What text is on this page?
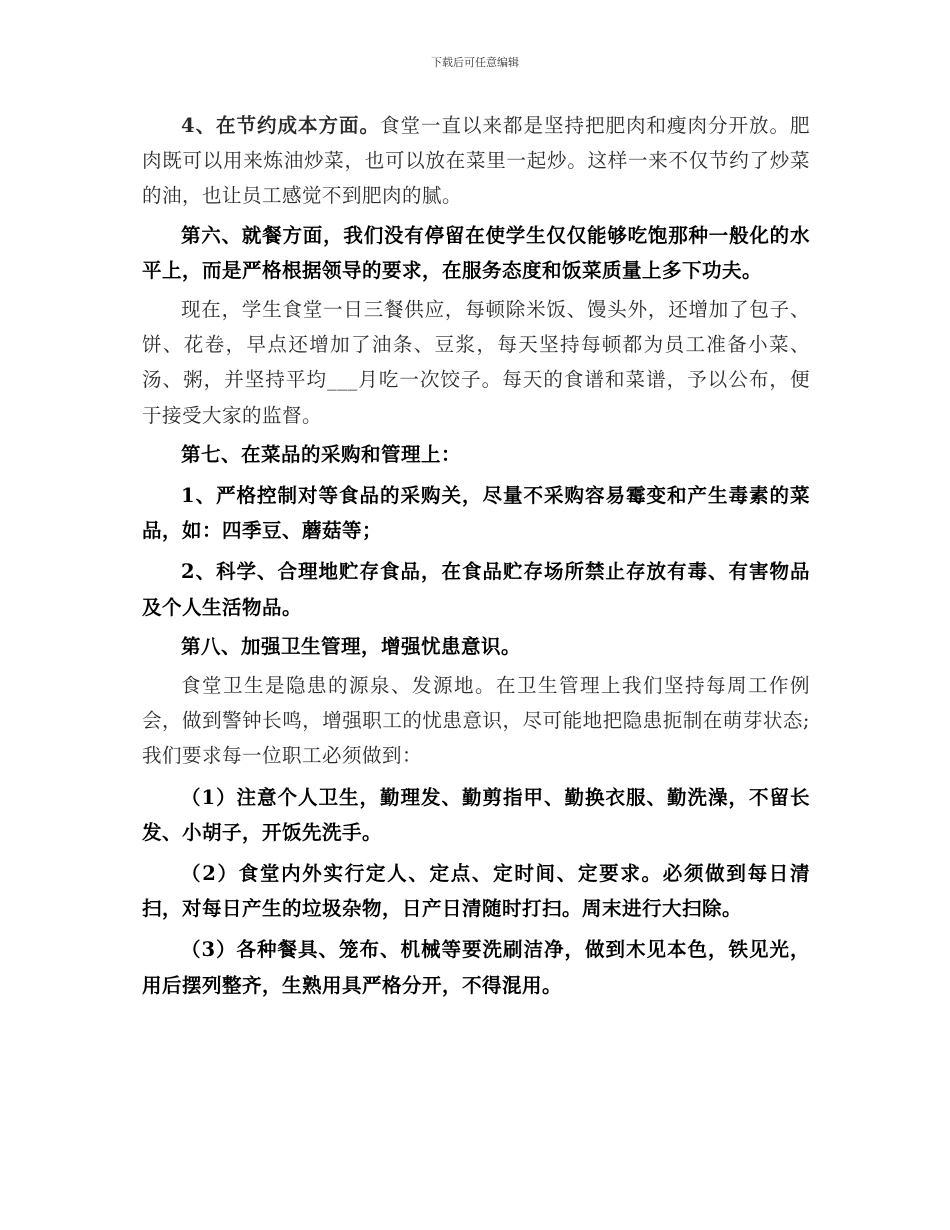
下载后可任意编辑

4、在节约成本方面。食堂一直以来都是坚持把肥肉和瘦肉分开放。肥肉既可以用来炼油炒菜，也可以放在菜里一起炒。这样一来不仅节约了炒菜的油，也让员工感觉不到肥肉的腻。

第六、就餐方面，我们没有停留在使学生仅仅能够吃饱那种一般化的水平上，而是严格根据领导的要求，在服务态度和饭菜质量上多下功夫。

现在，学生食堂一日三餐供应，每顿除米饭、馒头外，还增加了包子、饼、花卷，早点还增加了油条、豆浆，每天坚持每顿都为员工准备小菜、汤、粥，并坚持平均___月吃一次饺子。每天的食谱和菜谱，予以公布，便于接受大家的监督。

第七、在菜品的采购和管理上：

1、严格控制对等食品的采购关，尽量不采购容易霉变和产生毒素的菜品，如：四季豆、蘑菇等；

2、科学、合理地贮存食品，在食品贮存场所禁止存放有毒、有害物品及个人生活物品。

第八、加强卫生管理，增强忧患意识。

食堂卫生是隐患的源泉、发源地。在卫生管理上我们坚持每周工作例会，做到警钟长鸣，增强职工的忧患意识，尽可能地把隐患扼制在萌芽状态;我们要求每一位职工必须做到：

（1）注意个人卫生，勤理发、勤剪指甲、勤换衣服、勤洗澡，不留长发、小胡子，开饭先洗手。

（2）食堂内外实行定人、定点、定时间、定要求。必须做到每日清扫，对每日产生的垃圾杂物，日产日清随时打扫。周末进行大扫除。

（3）各种餐具、笼布、机械等要洗刷洁净，做到木见本色，铁见光，用后摆列整齐，生熟用具严格分开，不得混用。
